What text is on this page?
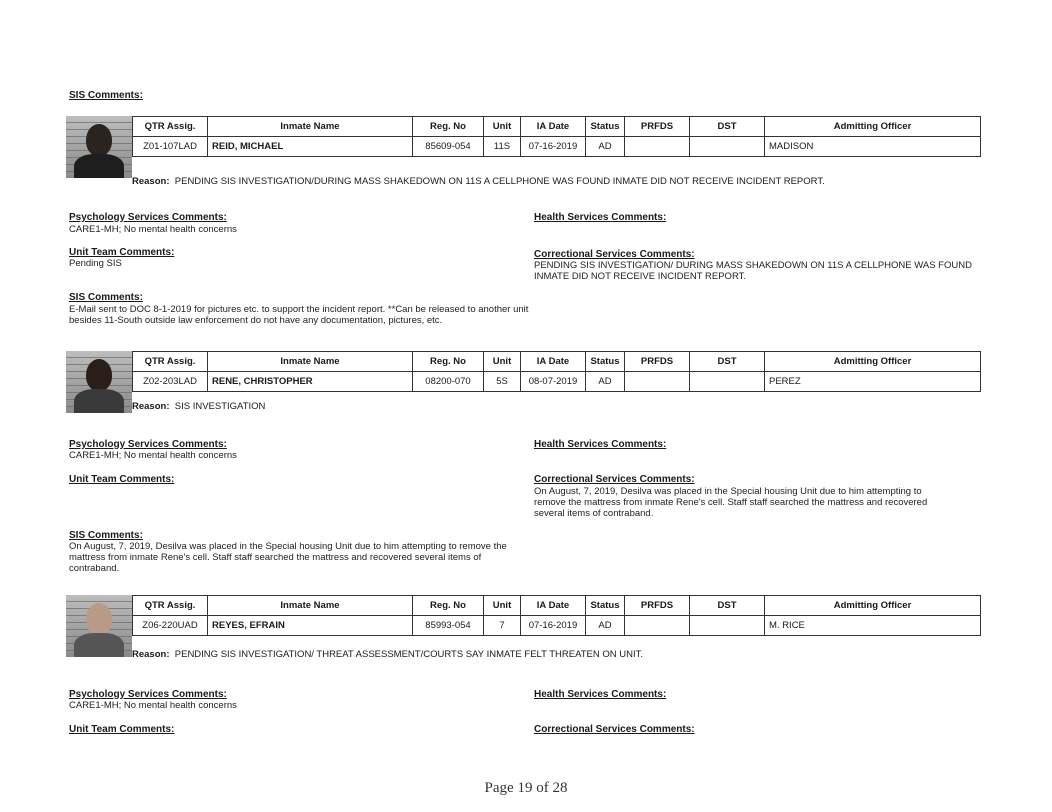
SIS Comments:
QTR Assig.	Inmate Name	Reg. No	Unit	IA Date	Status	PRFDS	DST	Admitting Officer
Z01-107LAD	REID, MICHAEL	85609-054	11S	07-16-2019	AD			MADISON
Reason: PENDING SIS INVESTIGATION/DURING MASS SHAKEDOWN ON 11S A CELLPHONE WAS FOUND INMATE DID NOT RECEIVE INCIDENT REPORT.
Psychology Services Comments:
CARE1-MH; No mental health concerns
Health Services Comments:
Unit Team Comments:
Pending SIS
Correctional Services Comments:
PENDING SIS INVESTIGATION/ DURING MASS SHAKEDOWN ON 11S A CELLPHONE WAS FOUND INMATE DID NOT RECEIVE INCIDENT REPORT.
SIS Comments:
E-Mail sent to DOC 8-1-2019 for pictures etc. to support the incident report. **Can be released to another unit besides 11-South outside law enforcement do not have any documentation, pictures, etc.
QTR Assig.	Inmate Name	Reg. No	Unit	IA Date	Status	PRFDS	DST	Admitting Officer
Z02-203LAD	RENE, CHRISTOPHER	08200-070	5S	08-07-2019	AD			PEREZ
Reason: SIS INVESTIGATION
Psychology Services Comments:
CARE1-MH; No mental health concerns
Health Services Comments:
Unit Team Comments:	Correctional Services Comments:
On August, 7, 2019, Desilva was placed in the Special housing Unit due to him attempting to remove the mattress from inmate Rene's cell. Staff staff searched the mattress and recovered several items of contraband.
SIS Comments:
On August, 7, 2019, Desilva was placed in the Special housing Unit due to him attempting to remove the mattress from inmate Rene's cell. Staff staff searched the mattress and recovered several items of contraband.
QTR Assig.	Inmate Name	Reg. No	Unit	IA Date	Status	PRFDS	DST	Admitting Officer
Z06-220UAD	REYES, EFRAIN	85993-054	7	07-16-2019	AD			M. RICE
Reason: PENDING SIS INVESTIGATION/ THREAT ASSESSMENT/COURTS SAY INMATE FELT THREATEN ON UNIT.
Psychology Services Comments:
CARE1-MH; No mental health concerns
Health Services Comments:
Unit Team Comments:	Correctional Services Comments:
Page 19 of 28
